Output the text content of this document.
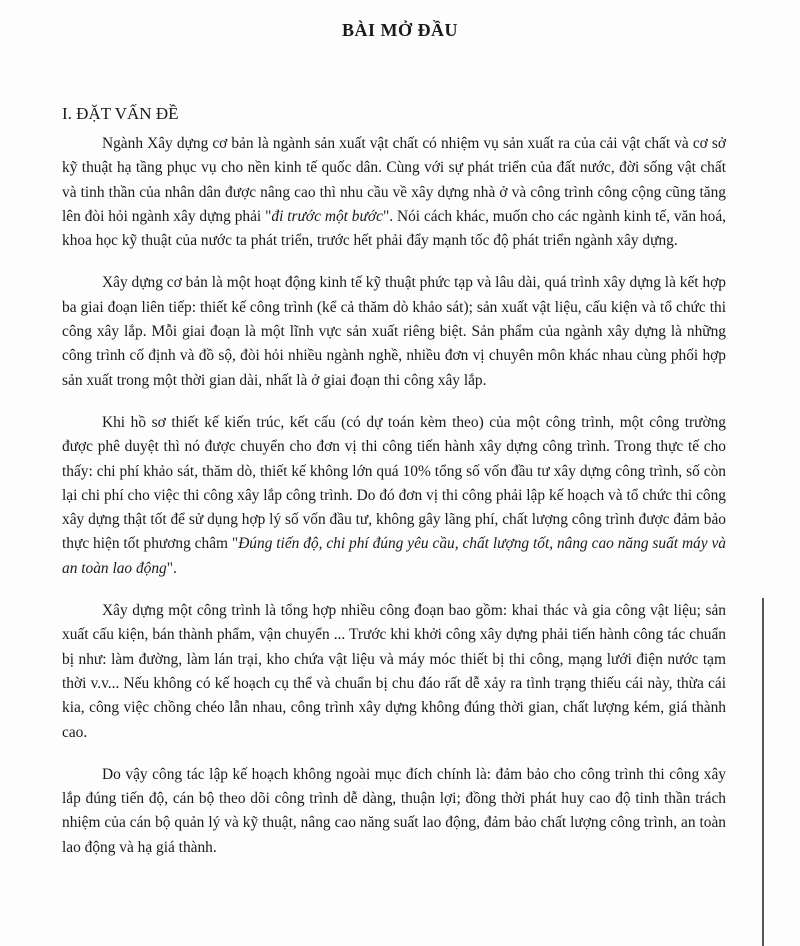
BÀI MỞ ĐẦU
I. ĐẶT VẤN ĐỀ

Ngành Xây dựng cơ bản là ngành sản xuất vật chất có nhiệm vụ sản xuất ra của cải vật chất và cơ sở kỹ thuật hạ tầng phục vụ cho nền kinh tế quốc dân. Cùng với sự phát triển của đất nước, đời sống vật chất và tinh thần của nhân dân được nâng cao thì nhu cầu về xây dựng nhà ở và công trình công cộng cũng tăng lên đòi hỏi ngành xây dựng phải "đi trước một bước". Nói cách khác, muốn cho các ngành kinh tế, văn hoá, khoa học kỹ thuật của nước ta phát triển, trước hết phải đẩy mạnh tốc độ phát triển ngành xây dựng.

Xây dựng cơ bản là một hoạt động kinh tế kỹ thuật phức tạp và lâu dài, quá trình xây dựng là kết hợp ba giai đoạn liên tiếp: thiết kế công trình (kể cả thăm dò khảo sát); sản xuất vật liệu, cấu kiện và tổ chức thi công xây lắp. Mỗi giai đoạn là một lĩnh vực sản xuất riêng biệt. Sản phẩm của ngành xây dựng là những công trình cố định và đồ sộ, đòi hỏi nhiều ngành nghề, nhiều đơn vị chuyên môn khác nhau cùng phối hợp sản xuất trong một thời gian dài, nhất là ở giai đoạn thi công xây lắp.

Khi hồ sơ thiết kế kiến trúc, kết cấu (có dự toán kèm theo) của một công trình, một công trường được phê duyệt thì nó được chuyển cho đơn vị thi công tiến hành xây dựng công trình. Trong thực tế cho thấy: chi phí khảo sát, thăm dò, thiết kế không lớn quá 10% tổng số vốn đầu tư xây dựng công trình, số còn lại chi phí cho việc thi công xây lắp công trình. Do đó đơn vị thi công phải lập kế hoạch và tổ chức thi công xây dựng thật tốt để sử dụng hợp lý số vốn đầu tư, không gây lãng phí, chất lượng công trình được đảm bảo thực hiện tốt phương châm "Đúng tiến độ, chi phí đúng yêu cầu, chất lượng tốt, nâng cao năng suất máy và an toàn lao động".

Xây dựng một công trình là tổng hợp nhiều công đoạn bao gồm: khai thác và gia công vật liệu; sản xuất cấu kiện, bán thành phẩm, vận chuyển ... Trước khi khởi công xây dựng phải tiến hành công tác chuẩn bị như: làm đường, làm lán trại, kho chứa vật liệu và máy móc thiết bị thi công, mạng lưới điện nước tạm thời v.v... Nếu không có kế hoạch cụ thể và chuẩn bị chu đáo rất dễ xảy ra tình trạng thiếu cái này, thừa cái kia, công việc chồng chéo lẫn nhau, công trình xây dựng không đúng thời gian, chất lượng kém, giá thành cao.

Do vậy công tác lập kế hoạch không ngoài mục đích chính là: đảm bảo cho công trình thi công xây lắp đúng tiến độ, cán bộ theo dõi công trình dễ dàng, thuận lợi; đồng thời phát huy cao độ tinh thần trách nhiệm của cán bộ quản lý và kỹ thuật, nâng cao năng suất lao động, đảm bảo chất lượng công trình, an toàn lao động và hạ giá thành.
